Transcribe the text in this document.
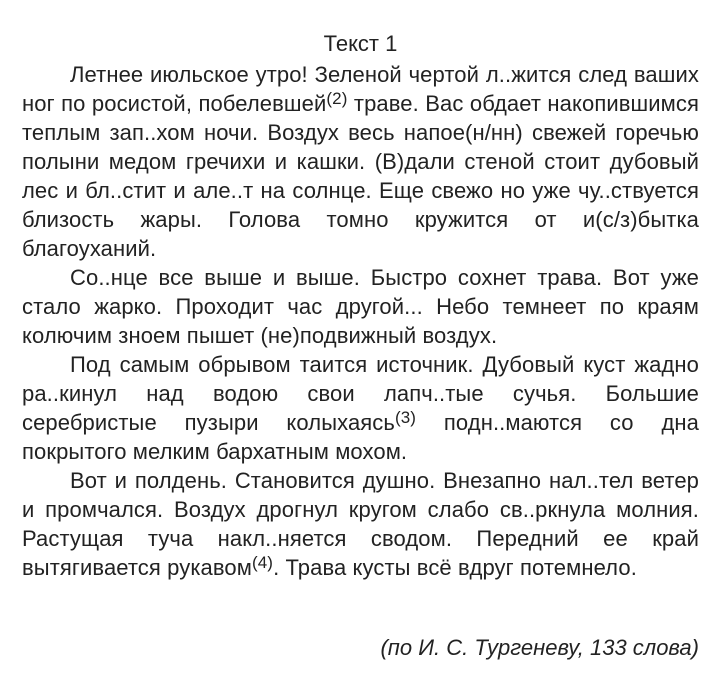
Текст 1

Летнее июльское утро! Зеленой чертой л..жится след ваших ног по росистой, побелевшей$^{(2)}$ траве. Вас обдает накопившимся теплым зап..хом ночи. Воздух весь напое(н/нн) свежей горечью полыни медом гречихи и кашки. (В)дали стеной стоит дубовый лес и бл..стит и але..т на солнце. Еще свежо но уже чу..ствуется близость жары. Голова томно кружится от и(с/з)бытка благоуханий.

Со..нце все выше и выше. Быстро сохнет трава. Вот уже стало жарко. Проходит час другой... Небо темнеет по краям колючим зноем пышет (не)подвижный воздух.

Под самым обрывом таится источник. Дубовый куст жадно ра..кинул над водою свои лапч..тые сучья. Большие серебристые пузыри колыхаясь$^{(3)}$ подн..маются со дна покрытого мелким бархатным мохом.

Вот и полдень. Становится душно. Внезапно нал..тел ветер и промчался. Воздух дрогнул кругом слабо св..ркнула молния. Растущая туча накл..няется сводом. Передний ее край вытягивается рукавом$^{(4)}$. Трава кусты всё вдруг потемнело.

(по И. С. Тургеневу, 133 слова)
